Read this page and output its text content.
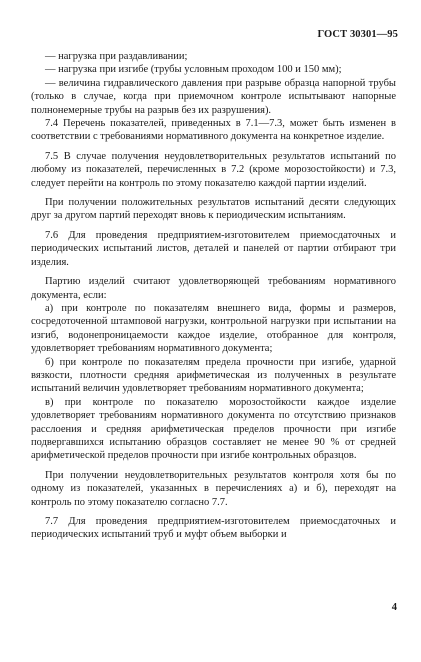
ГОСТ 30301—95

— нагрузка при раздавливании;

— нагрузка при изгибе (трубы условным проходом 100 и 150 мм);

— величина гидравлического давления при разрыве образца напорной трубы (только в случае, когда при приемочном контроле испытывают напорные полнонемерные трубы на разрыв без их разрушения).

7.4 Перечень показателей, приведенных в 7.1—7.3, может быть изменен в соответствии с требованиями нормативного документа на конкретное изделие.

7.5 В случае получения неудовлетворительных результатов испытаний по любому из показателей, перечисленных в 7.2 (кроме морозостойкости) и 7.3, следует перейти на контроль по этому показателю каждой партии изделий.

При получении положительных результатов испытаний десяти следующих друг за другом партий переходят вновь к периодическим испытаниям.

7.6 Для проведения предприятием-изготовителем приемосдаточных и периодических испытаний листов, деталей и панелей от партии отбирают три изделия.

Партию изделий считают удовлетворяющей требованиям нормативного документа, если:

а) при контроле по показателям внешнего вида, формы и размеров, сосредоточенной штамповой нагрузки, контрольной нагрузки при испытании на изгиб, водонепроницаемости каждое изделие, отобранное для контроля, удовлетворяет требованиям нормативного документа;

б) при контроле по показателям предела прочности при изгибе, ударной вязкости, плотности средняя арифметическая из полученных в результате испытаний величин удовлетворяет требованиям нормативного документа;

в) при контроле по показателю морозостойкости каждое изделие удовлетворяет требованиям нормативного документа по отсутствию признаков расслоения и средняя арифметическая пределов прочности при изгибе подвергавшихся испытанию образцов составляет не менее 90 % от средней арифметической пределов прочности при изгибе контрольных образцов.

При получении неудовлетворительных результатов контроля хотя бы по одному из показателей, указанных в перечислениях а) и б), переходят на контроль по этому показателю согласно 7.7.

7.7 Для проведения предприятием-изготовителем приемосдаточных и периодических испытаний труб и муфт объем выборки и

4
